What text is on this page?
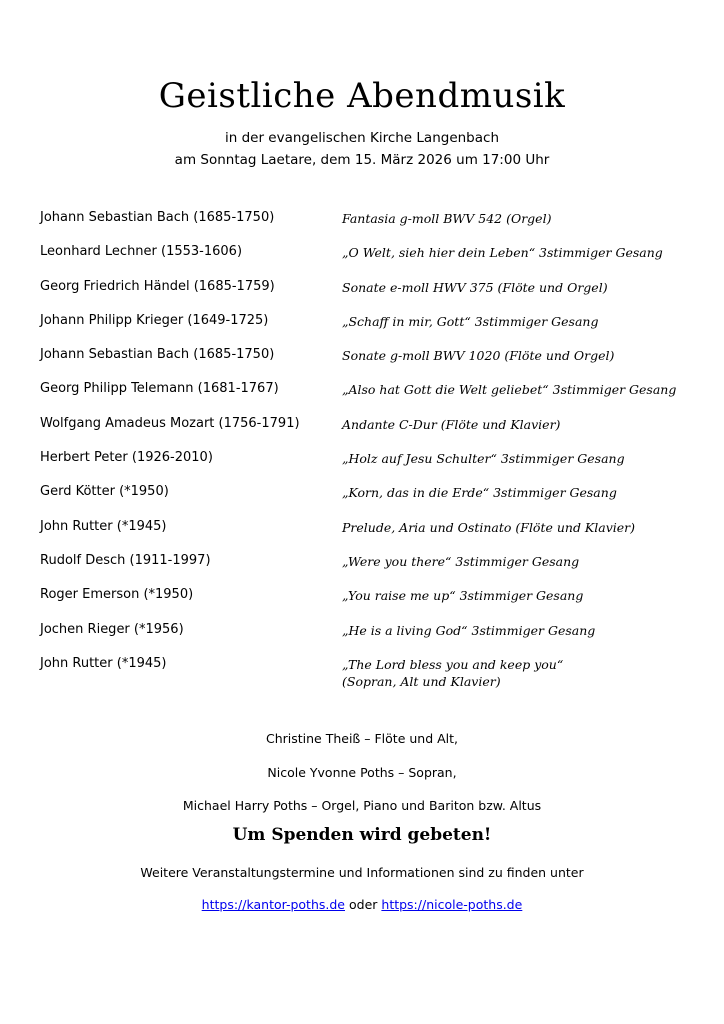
Geistliche Abendmusik

in der evangelischen Kirche Langenbach

am Sonntag Laetare, dem 15. März 2026 um 17:00 Uhr

Johann Sebastian Bach (1685-1750)	Fantasia g-moll BWV 542 (Orgel)
Leonhard Lechner (1553-1606)	„O Welt, sieh hier dein Leben“ 3stimmiger Gesang
Georg Friedrich Händel (1685-1759)	Sonate e-moll HWV 375 (Flöte und Orgel)
Johann Philipp Krieger (1649-1725)	„Schaff in mir, Gott“ 3stimmiger Gesang
Johann Sebastian Bach (1685-1750)	Sonate g-moll BWV 1020 (Flöte und Orgel)
Georg Philipp Telemann (1681-1767)	„Also hat Gott die Welt geliebet“ 3stimmiger Gesang
Wolfgang Amadeus Mozart (1756-1791)	Andante C-Dur (Flöte und Klavier)
Herbert Peter (1926-2010)	„Holz auf Jesu Schulter“ 3stimmiger Gesang
Gerd Kötter (*1950)	„Korn, das in die Erde“ 3stimmiger Gesang
John Rutter (*1945)	Prelude, Aria und Ostinato (Flöte und Klavier)
Rudolf Desch (1911-1997)	„Were you there“ 3stimmiger Gesang
Roger Emerson (*1950)	„You raise me up“ 3stimmiger Gesang
Jochen Rieger (*1956)	„He is a living God“ 3stimmiger Gesang
John Rutter (*1945)	„The Lord bless you and keep you“
(Sopran, Alt und Klavier)
Christine Theiß – Flöte und Alt,
Nicole Yvonne Poths – Sopran,
Michael Harry Poths – Orgel, Piano und Bariton bzw. Altus
Um Spenden wird gebeten!
Weitere Veranstaltungstermine und Informationen sind zu finden unter
https://kantor-poths.de oder https://nicole-poths.de
